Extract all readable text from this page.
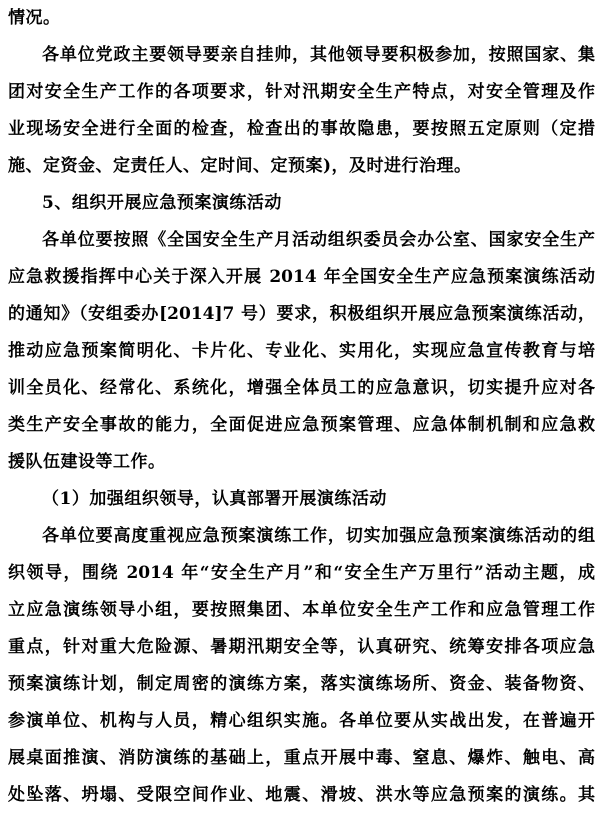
情况。
各单位党政主要领导要亲自挂帅，其他领导要积极参加，按照国家、集
团对安全生产工作的各项要求，针对汛期安全生产特点，对安全管理及作
业现场安全进行全面的检查，检查出的事故隐患，要按照五定原则（定措
施、定资金、定责任人、定时间、定预案)，及时进行治理。
5、组织开展应急预案演练活动
各单位要按照《全国安全生产月活动组织委员会办公室、国家安全生产
应急救援指挥中心关于深入开展 2014 年全国安全生产应急预案演练活动
的通知》（安组委办[2014]7 号）要求，积极组织开展应急预案演练活动，
推动应急预案简明化、卡片化、专业化、实用化，实现应急宣传教育与培
训全员化、经常化、系统化，增强全体员工的应急意识，切实提升应对各
类生产安全事故的能力，全面促进应急预案管理、应急体制机制和应急救
援队伍建设等工作。
（1）加强组织领导，认真部署开展演练活动
各单位要高度重视应急预案演练工作，切实加强应急预案演练活动的组
织领导，围绕 2014 年“安全生产月”和“安全生产万里行”活动主题，成
立应急演练领导小组，要按照集团、本单位安全生产工作和应急管理工作
重点，针对重大危险源、暑期汛期安全等，认真研究、统筹安排各项应急
预案演练计划，制定周密的演练方案，落实演练场所、资金、装备物资、
参演单位、机构与人员，精心组织实施。各单位要从实战出发，在普遍开
展桌面推演、消防演练的基础上，重点开展中毒、窒息、爆炸、触电、高
处坠落、坍塌、受限空间作业、地震、滑坡、洪水等应急预案的演练。其
